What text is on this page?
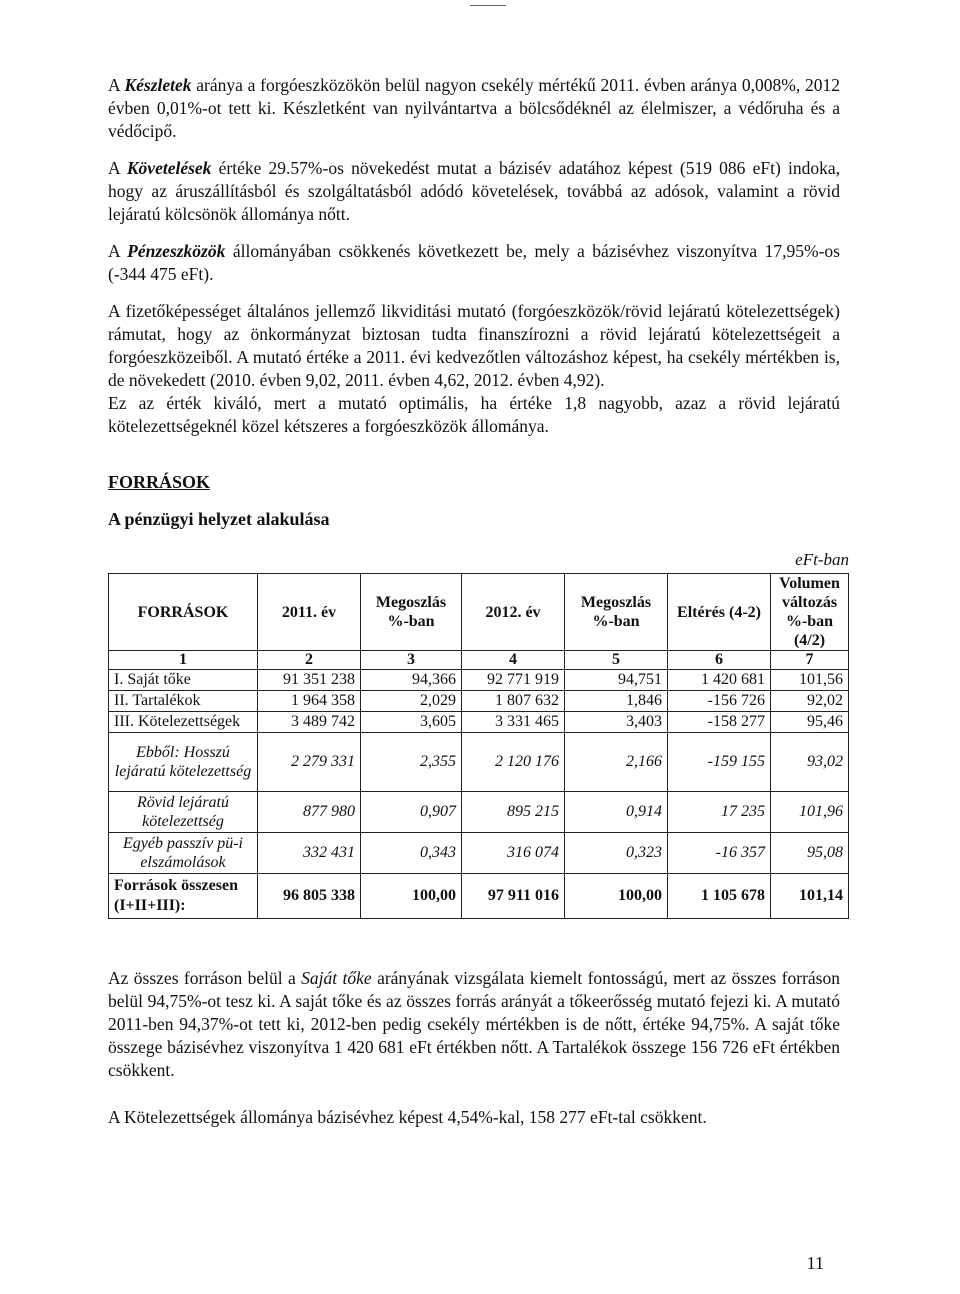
A Készletek aránya a forgóeszközökön belül nagyon csekély mértékű 2011. évben aránya 0,008%, 2012 évben 0,01%-ot tett ki. Készletként van nyilvántartva a bölcsődéknél az élelmiszer, a védőruha és a védőcipő.

A Követelések értéke 29.57%-os növekedést mutat a bázisév adatához képest (519 086 eFt) indoka, hogy az áruszállításból és szolgáltatásból adódó követelések, továbbá az adósok, valamint a rövid lejáratú kölcsönök állománya nőtt.

A Pénzeszközök állományában csökkenés következett be, mely a bázisévhez viszonyítva 17,95%-os (-344 475 eFt).

A fizetőképességet általános jellemző likviditási mutató (forgóeszközök/rövid lejáratú kötelezettségek) rámutat, hogy az önkormányzat biztosan tudta finanszírozni a rövid lejáratú kötelezettségeit a forgóeszközeiből. A mutató értéke a 2011. évi kedvezőtlen változáshoz képest, ha csekély mértékben is, de növekedett (2010. évben 9,02, 2011. évben 4,62, 2012. évben 4,92).

Ez az érték kiváló, mert a mutató optimális, ha értéke 1,8 nagyobb, azaz a rövid lejáratú kötelezettségeknél közel kétszeres a forgóeszközök állománya.

FORRÁSOK
A pénzügyi helyzet alakulása
eFt-ban
FORRÁSOK	2011. év	Megoszlás %-ban	2012. év	Megoszlás %-ban	Eltérés (4-2)	Volumen változás %-ban (4/2)
1	2	3	4	5	6	7
I. Saját tőke	91 351 238	94,366	92 771 919	94,751	1 420 681	101,56
II. Tartalékok	1 964 358	2,029	1 807 632	1,846	-156 726	92,02
III. Kötelezettségek	3 489 742	3,605	3 331 465	3,403	-158 277	95,46
Ebből: Hosszú lejáratú kötelezettség	2 279 331	2,355	2 120 176	2,166	-159 155	93,02
Rövid lejáratú kötelezettség	877 980	0,907	895 215	0,914	17 235	101,96
Egyéb passzív pü-i elszámolások	332 431	0,343	316 074	0,323	-16 357	95,08
Források összesen (I+II+III):	96 805 338	100,00	97 911 016	100,00	1 105 678	101,14

Az összes forráson belül a Saját tőke arányának vizsgálata kiemelt fontosságú, mert az összes forráson belül 94,75%-ot tesz ki. A saját tőke és az összes forrás arányát a tőkeerősség mutató fejezi ki. A mutató 2011-ben 94,37%-ot tett ki, 2012-ben pedig csekély mértékben is de nőtt, értéke 94,75%. A saját tőke összege bázisévhez viszonyítva 1 420 681 eFt értékben nőtt. A Tartalékok összege 156 726 eFt értékben csökkent.

A Kötelezettségek állománya bázisévhez képest 4,54%-kal, 158 277 eFt-tal csökkent.

11
